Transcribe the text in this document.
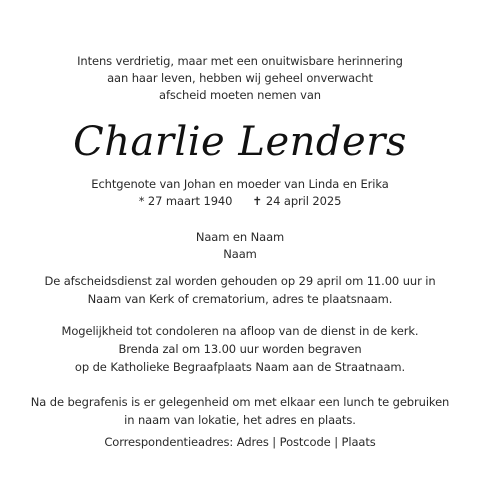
Intens verdrietig, maar met een onuitwisbare herinnering
aan haar leven, hebben wij geheel onverwacht
afscheid moeten nemen van
Charlie Lenders
Echtgenote van Johan en moeder van Linda en Erika
* 27 maart 1940 ✝ 24 april 2025
Naam en Naam
Naam
De afscheidsdienst zal worden gehouden op 29 april om 11.00 uur in
Naam van Kerk of crematorium, adres te plaatsnaam.
Mogelijkheid tot condoleren na afloop van de dienst in de kerk.
Brenda zal om 13.00 uur worden begraven
op de Katholieke Begraafplaats Naam aan de Straatnaam.
Na de begrafenis is er gelegenheid om met elkaar een lunch te gebruiken
in naam van lokatie, het adres en plaats.
Correspondentieadres: Adres | Postcode | Plaats
